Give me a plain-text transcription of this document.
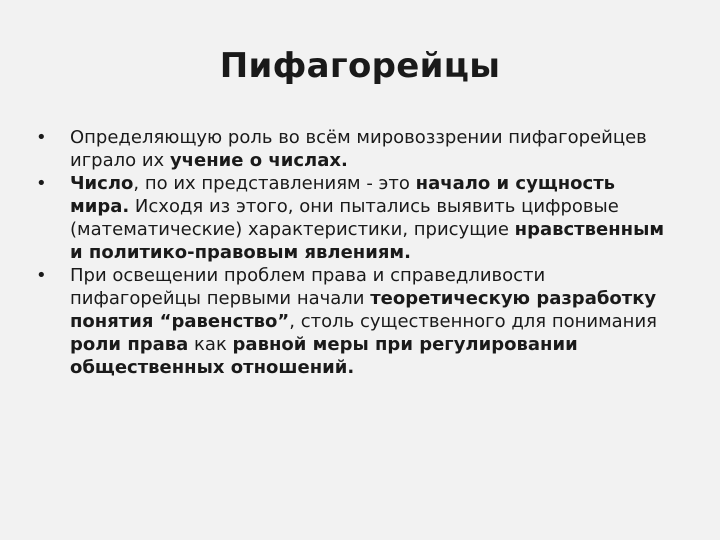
Пифагорейцы
•	Определяющую роль во всём мировоззрении пифагорейцев играло их учение о числах.
•	Число, по их представлениям - это начало и сущность мира. Исходя из этого, они пытались выявить цифровые (математические) характеристики, присущие нравственным и политико-правовым явлениям.
•	При освещении проблем права и справедливости пифагорейцы первыми начали теоретическую разработку понятия “равенство”, столь существенного для понимания роли права как равной меры при регулировании общественных отношений.
